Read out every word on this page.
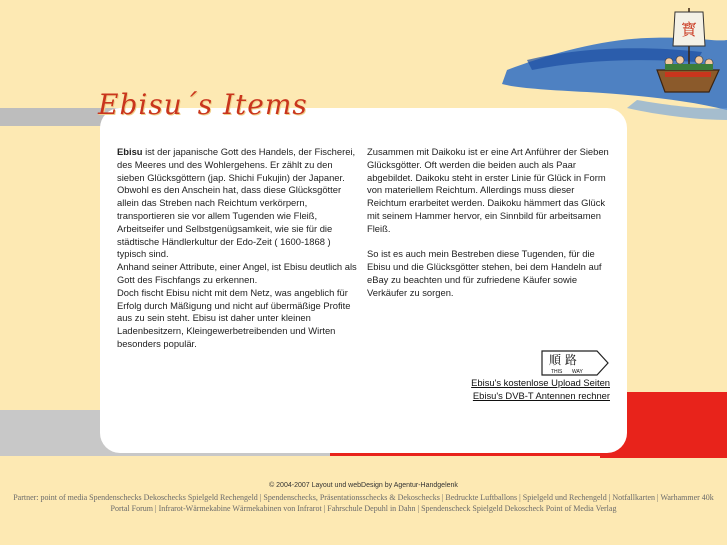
寳
Ebisu´s Items

Ebisu ist der japanische Gott des Handels, der Fischerei, des Meeres und des Wohlergehens. Er zählt zu den sieben Glücksgöttern (jap. Shichi Fukujin) der Japaner.

Obwohl es den Anschein hat, dass diese Glücksgötter allein das Streben nach Reichtum verkörpern, transportieren sie vor allem Tugenden wie Fleiß, Arbeitseifer und Selbstgenügsamkeit, wie sie für die städtische Händlerkultur der Edo-Zeit ( 1600-1868 ) typisch sind.

Anhand seiner Attribute, einer Angel, ist Ebisu deutlich als Gott des Fischfangs zu erkennen.

Doch fischt Ebisu nicht mit dem Netz, was angeblich für Erfolg durch Mäßigung und nicht auf übermäßige Profite aus zu sein steht. Ebisu ist daher unter kleinen Ladenbesitzern, Kleingewerbetreibenden und Wirten besonders populär.

Zusammen mit Daikoku ist er eine Art Anführer der Sieben Glücksgötter. Oft werden die beiden auch als Paar abgebildet. Daikoku steht in erster Linie für Glück in Form von materiellem Reichtum. Allerdings muss dieser Reichtum erarbeitet werden. Daikoku hämmert das Glück mit seinem Hammer hervor, ein Sinnbild für arbeitsamen Fleiß.

So ist es auch mein Bestreben diese Tugenden, für die Ebisu und die Glücksgötter stehen, bei dem Handeln auf eBay zu beachten und für zufriedene Käufer sowie Verkäufer zu sorgen.

順 路
THIS WAY
Ebisu's kostenlose Upload Seiten
Ebisu's DVB-T Antennen rechner
© 2004-2007 Layout und webDesign by Agentur-Handgelenk
Partner: point of media Spendenschecks Dekoschecks Spielgeld Rechengeld | Spendenschecks, Präsentationsschecks & Dekoschecks | Bedruckte Luftballons | Spielgeld und Rechengeld | Notfallkarten | Warhammer 40k Portal Forum | Infrarot-Wärmekabine Wärmekabinen von Infrarot | Fahrschule Depuhl in Dahn | Spendenscheck Spielgeld Dekoscheck Point of Media Verlag
